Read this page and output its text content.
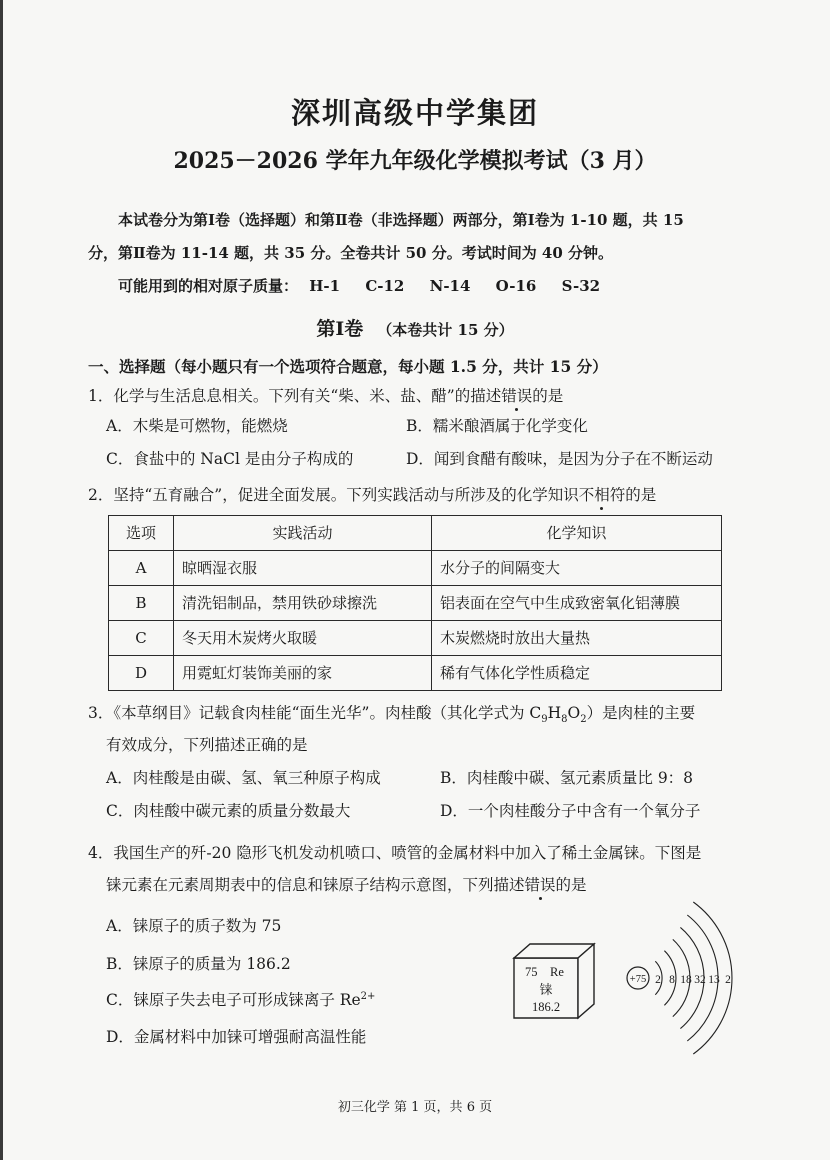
深圳高级中学集团
2025－2026 学年九年级化学模拟考试（3 月）
本试卷分为第Ⅰ卷（选择题）和第Ⅱ卷（非选择题）两部分，第Ⅰ卷为 1-10 题，共 15
分，第Ⅱ卷为 11-14 题，共 35 分。全卷共计 50 分。考试时间为 40 分钟。
可能用到的相对原子质量： H-1 C-12 N-14 O-16 S-32
第Ⅰ卷 （本卷共计 15 分）
一、选择题（每小题只有一个选项符合题意，每小题 1.5 分，共计 15 分）
1．化学与生活息息相关。下列有关“柴、米、盐、醋”的描述错误的是
A．木柴是可燃物，能燃烧	B．糯米酿酒属于化学变化
C．食盐中的 NaCl 是由分子构成的	D．闻到食醋有酸味，是因为分子在不断运动
2．坚持“五育融合”，促进全面发展。下列实践活动与所涉及的化学知识不相符的是
选项	实践活动	化学知识
A	晾晒湿衣服	水分子的间隔变大
B	清洗铝制品，禁用铁砂球擦洗	铝表面在空气中生成致密氧化铝薄膜
C	冬天用木炭烤火取暖	木炭燃烧时放出大量热
D	用霓虹灯装饰美丽的家	稀有气体化学性质稳定
3．《本草纲目》记载食肉桂能“面生光华”。肉桂酸（其化学式为 $C_9H_8O_2$）是肉桂的主要
有效成分，下列描述正确的是
A．肉桂酸是由碳、氢、氧三种原子构成	B．肉桂酸中碳、氢元素质量比 9：8
C．肉桂酸中碳元素的质量分数最大	D．一个肉桂酸分子中含有一个氧分子
4．我国生产的歼-20 隐形飞机发动机喷口、喷管的金属材料中加入了稀土金属铼。下图是
铼元素在元素周期表中的信息和铼原子结构示意图，下列描述错误的是
A．铼原子的质子数为 75
B．铼原子的质量为 186.2
C．铼原子失去电子可形成铼离子 $Re^{2+}$
D．金属材料中加铼可增强耐高温性能
75 Re
铼
186.2
+75 2 8 18 32 13 2
初三化学 第 1 页，共 6 页
